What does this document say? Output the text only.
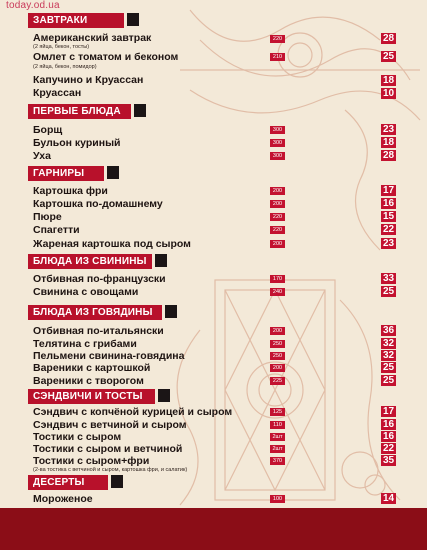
today.od.ua
ЗАВТРАКИ
Американский завтрак
(2 яйца, бекон, тосты)
220	28
Омлет с томатом и беконом
(2 яйца, бекон, помидор)
210	25
Капучино и Круассан	18
Круассан	10
ПЕРВЫЕ БЛЮДА
Борщ	300	23
Бульон куриный	300	18
Уха	300	28
ГАРНИРЫ
Картошка фри	200	17
Картошка по-домашнему	200	16
Пюре	220	15
Спагетти	220	22
Жареная картошка под сыром	200	23
БЛЮДА ИЗ СВИНИНЫ
Отбивная по-французски	170	33
Свинина с овощами	240	25
БЛЮДА ИЗ ГОВЯДИНЫ
Отбивная по-итальянски	200	36
Телятина с грибами	250	32
Пельмени свинина-говядина	250	32
Вареники с картошкой	200	25
Вареники с творогом	225	25
СЭНДВИЧИ И ТОСТЫ
Сэндвич с копчёной курицей и сыром	125	17
Сэндвич с ветчиной и сыром	110	16
Тостики с сыром	2шт	16
Тостики с сыром и ветчиной	2шт	22
Тостики с сыром+фри
(2-ва тостика с ветчиной и сыром, картошка фри, и салатик)
370	35
ДЕСЕРТЫ
Мороженое	100	14
